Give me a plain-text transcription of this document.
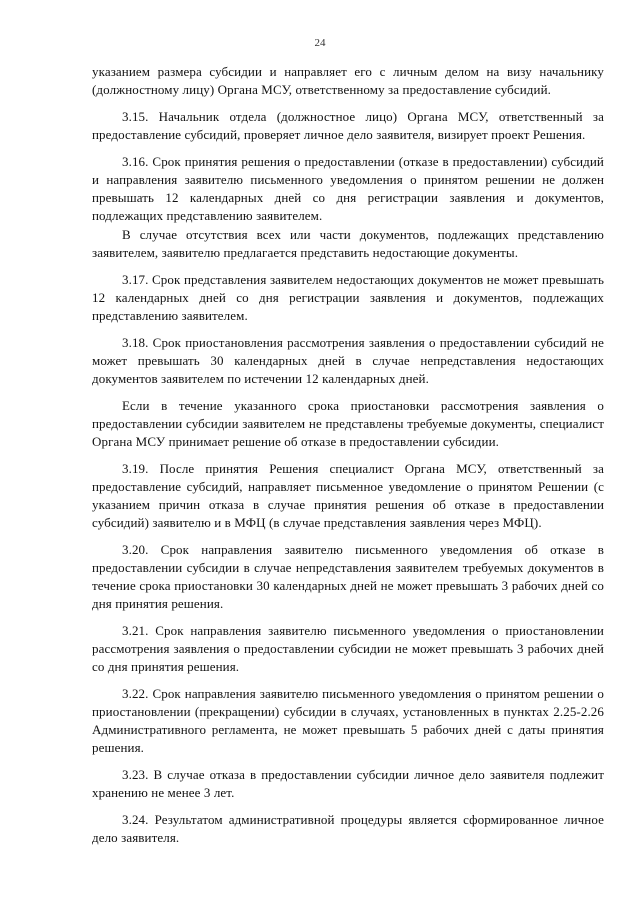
24

указанием размера субсидии и направляет его с личным делом на визу начальнику (должностному лицу) Органа МСУ, ответственному за предоставление субсидий.

3.15. Начальник отдела (должностное лицо) Органа МСУ, ответственный за предоставление субсидий, проверяет личное дело заявителя, визирует проект Решения.

3.16. Срок принятия решения о предоставлении (отказе в предоставлении) субсидий и направления заявителю письменного уведомления о принятом решении не должен превышать 12 календарных дней со дня регистрации заявления и документов, подлежащих представлению заявителем.

В случае отсутствия всех или части документов, подлежащих представлению заявителем, заявителю предлагается представить недостающие документы.

3.17. Срок представления заявителем недостающих документов не может превышать 12 календарных дней со дня регистрации заявления и документов, подлежащих представлению заявителем.

3.18. Срок приостановления рассмотрения заявления о предоставлении субсидий не может превышать 30 календарных дней в случае непредставления недостающих документов заявителем по истечении 12 календарных дней.

Если в течение указанного срока приостановки рассмотрения заявления о предоставлении субсидии заявителем не представлены требуемые документы, специалист Органа МСУ принимает решение об отказе в предоставлении субсидии.

3.19. После принятия Решения специалист Органа МСУ, ответственный за предоставление субсидий, направляет письменное уведомление о принятом Решении (с указанием причин отказа в случае принятия решения об отказе в предоставлении субсидий) заявителю и в МФЦ (в случае представления заявления через МФЦ).

3.20. Срок направления заявителю письменного уведомления об отказе в предоставлении субсидии в случае непредставления заявителем требуемых документов в течение срока приостановки 30 календарных дней не может превышать 3 рабочих дней со дня принятия решения.

3.21. Срок направления заявителю письменного уведомления о приостановлении рассмотрения заявления о предоставлении субсидии не может превышать 3 рабочих дней со дня принятия решения.

3.22. Срок направления заявителю письменного уведомления о принятом решении о приостановлении (прекращении) субсидии в случаях, установленных в пунктах 2.25-2.26 Административного регламента, не может превышать 5 рабочих дней с даты принятия решения.

3.23. В случае отказа в предоставлении субсидии личное дело заявителя подлежит хранению не менее 3 лет.

3.24. Результатом административной процедуры является сформированное личное дело заявителя.
